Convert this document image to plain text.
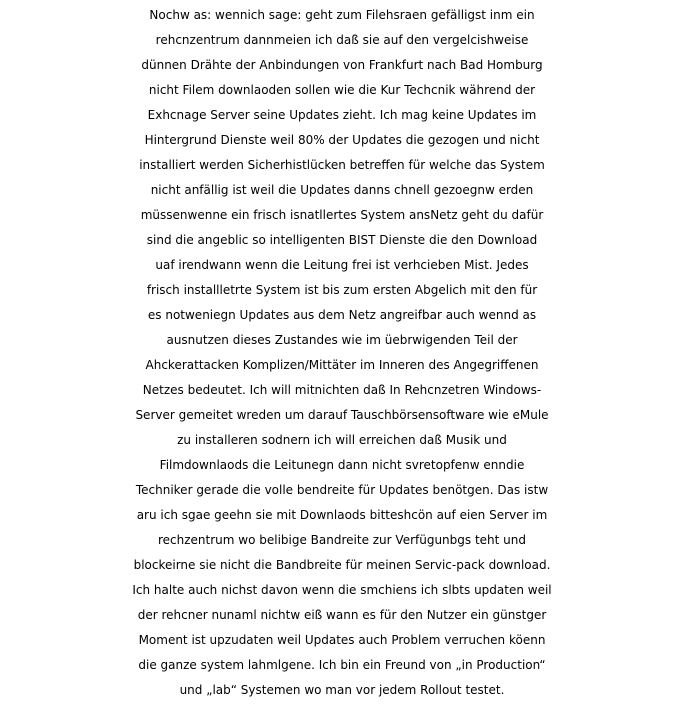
Nochw as: wennich sage: geht zum Filehsraen gefälligst inm ein
rehcnzentrum dannmeien ich daß sie auf den vergelcishweise
dünnen Drähte der Anbindungen von Frankfurt nach Bad Homburg
nicht Filem downlaoden sollen wie die Kur Techcnik während der
Exhcnage Server seine Updates zieht. Ich mag keine Updates im
Hintergrund Dienste weil 80% der Updates die gezogen und nicht
installiert werden Sicherhistlücken betreffen für welche das System
nicht anfällig ist weil die Updates danns chnell gezoegnw erden
müssenwenne ein frisch isnatllertes System ansNetz geht du dafür
sind die angeblic so intelligenten BIST Dienste die den Download
uaf irendwann wenn die Leitung frei ist verhcieben Mist. Jedes
frisch installletrte System ist bis zum ersten Abgelich mit den für
es notweniegn Updates aus dem Netz angreifbar auch wennd as
ausnutzen dieses Zustandes wie im üebrwigenden Teil der
Ahckerattacken Komplizen/Mittäter im Inneren des Angegriffenen
Netzes bedeutet. Ich will mitnichten daß In Rehcnzetren Windows-
Server gemeitet wreden um darauf Tauschbörsensoftware wie eMule
zu installeren sodnern ich will erreichen daß Musik und
Filmdownlaods die Leitunegn dann nicht svretopfenw enndie
Techniker gerade die volle bendreite für Updates benötgen. Das istw
aru ich sgae geehn sie mit Downlaods bitteshcön auf eien Server im
rechzentrum wo belibige Bandreite zur Verfügunbgs teht und
blockeirne sie nicht die Bandbreite für meinen Servic-pack download.
Ich halte auch nichst davon wenn die smchiens ich slbts updaten weil
der rehcner nunaml nichtw eiß wann es für den Nutzer ein günstger
Moment ist upzudaten weil Updates auch Problem verruchen köenn
die ganze system lahmlgene. Ich bin ein Freund von „in Production“
und „lab“ Systemen wo man vor jedem Rollout testet.
